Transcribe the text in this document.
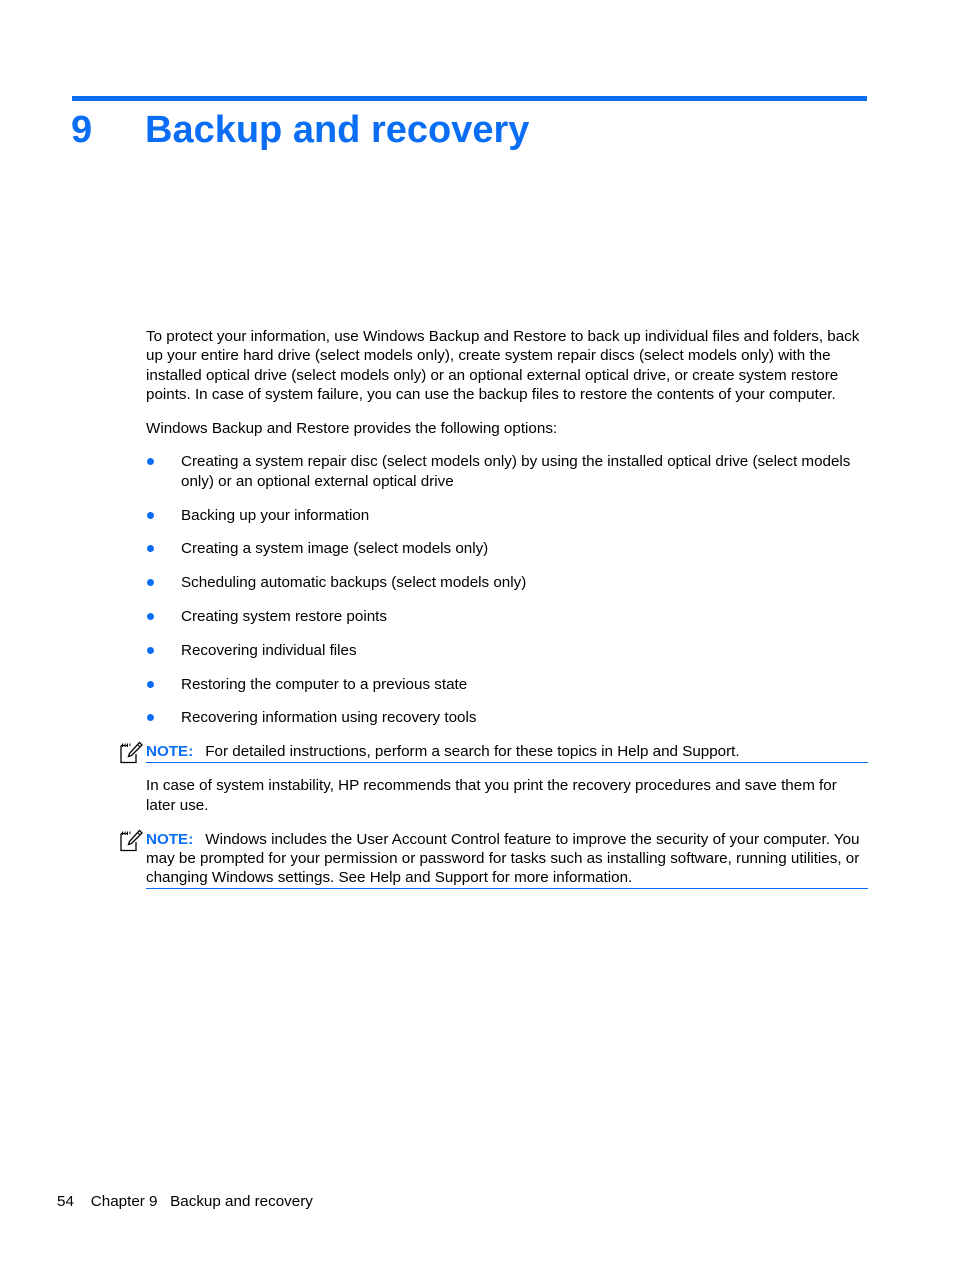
9 Backup and recovery

To protect your information, use Windows Backup and Restore to back up individual files and folders, back up your entire hard drive (select models only), create system repair discs (select models only) with the installed optical drive (select models only) or an optional external optical drive, or create system restore points. In case of system failure, you can use the backup files to restore the contents of your computer.

Windows Backup and Restore provides the following options:

Creating a system repair disc (select models only) by using the installed optical drive (select models only) or an optional external optical drive
Backing up your information
Creating a system image (select models only)
Scheduling automatic backups (select models only)
Creating system restore points
Recovering individual files
Restoring the computer to a previous state
Recovering information using recovery tools
NOTE: For detailed instructions, perform a search for these topics in Help and Support.

In case of system instability, HP recommends that you print the recovery procedures and save them for later use.

NOTE: Windows includes the User Account Control feature to improve the security of your computer. You may be prompted for your permission or password for tasks such as installing software, running utilities, or changing Windows settings. See Help and Support for more information.
54 Chapter 9 Backup and recovery
